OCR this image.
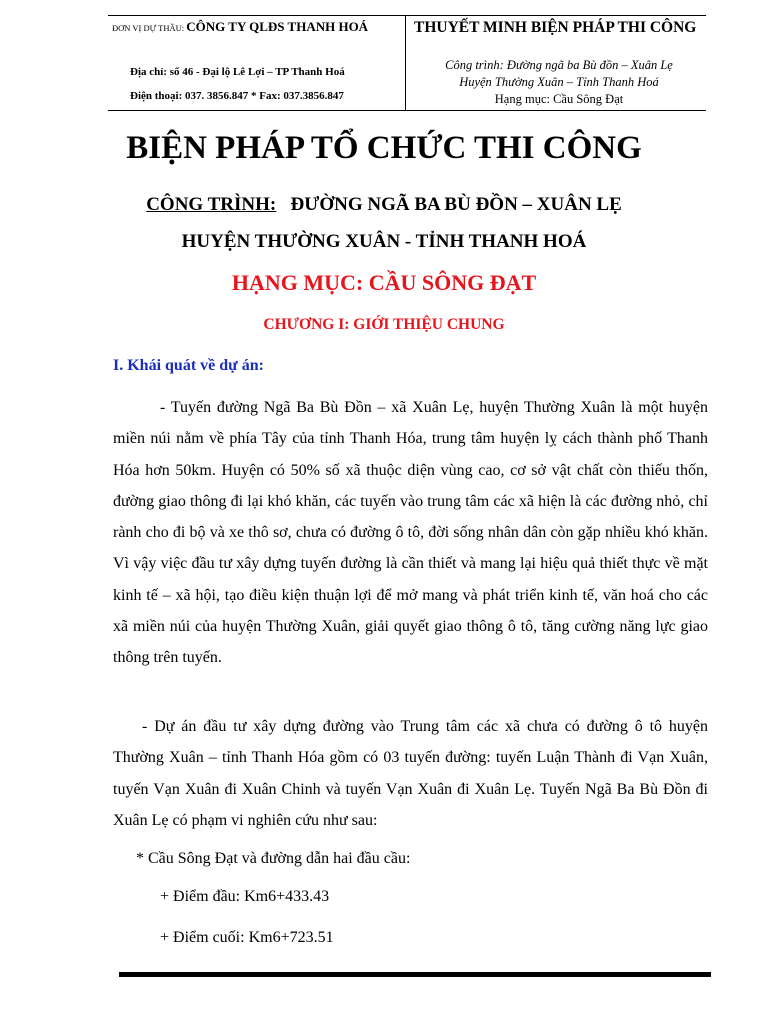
ĐƠN VỊ DỰ THẦU: CÔNG TY QLĐS THANH HOÁ
Địa chỉ: số 46 - Đại lộ Lê Lợi – TP Thanh Hoá
Điện thoại: 037. 3856.847 * Fax: 037.3856.847
THUYẾT MINH BIỆN PHÁP THI CÔNG
Công trình: Đường ngã ba Bù đồn – Xuân Lẹ
Huyện Thường Xuân – Tỉnh Thanh Hoá
Hạng mục: Cầu Sông Đạt
BIỆN PHÁP TỔ CHỨC THI CÔNG
CÔNG TRÌNH: ĐƯỜNG NGÃ BA BÙ ĐỒN – XUÂN LẸ
HUYỆN THƯỜNG XUÂN - TỈNH THANH HOÁ
HẠNG MỤC: CẦU SÔNG ĐẠT
CHƯƠNG I: GIỚI THIỆU CHUNG
I. Khái quát về dự án:
- Tuyến đường Ngã Ba Bù Đồn – xã Xuân Lẹ, huyện Thường Xuân là một huyện miền núi nằm về phía Tây của tỉnh Thanh Hóa, trung tâm huyện lỵ cách thành phố Thanh Hóa hơn 50km. Huyện có 50% số xã thuộc diện vùng cao, cơ sở vật chất còn thiếu thốn, đường giao thông đi lại khó khăn, các tuyến vào trung tâm các xã hiện là các đường nhỏ, chỉ rành cho đi bộ và xe thô sơ, chưa có đường ô tô, đời sống nhân dân còn gặp nhiều khó khăn. Vì vậy việc đầu tư xây dựng tuyến đường là cần thiết và mang lại hiệu quả thiết thực về mặt kinh tế – xã hội, tạo điều kiện thuận lợi để mở mang và phát triển kinh tế, văn hoá cho các xã miền núi của huyện Thường Xuân, giải quyết giao thông ô tô, tăng cường năng lực giao thông trên tuyến.
- Dự án đầu tư xây dựng đường vào Trung tâm các xã chưa có đường ô tô huyện Thường Xuân – tỉnh Thanh Hóa gồm có 03 tuyến đường: tuyến Luận Thành đi Vạn Xuân, tuyến Vạn Xuân đi Xuân Chinh và tuyến Vạn Xuân đi Xuân Lẹ. Tuyến Ngã Ba Bù Đồn đi Xuân Lẹ có phạm vi nghiên cứu như sau:
* Cầu Sông Đạt và đường dẫn hai đầu cầu:
+ Điểm đầu: Km6+433.43
+ Điểm cuối: Km6+723.51
